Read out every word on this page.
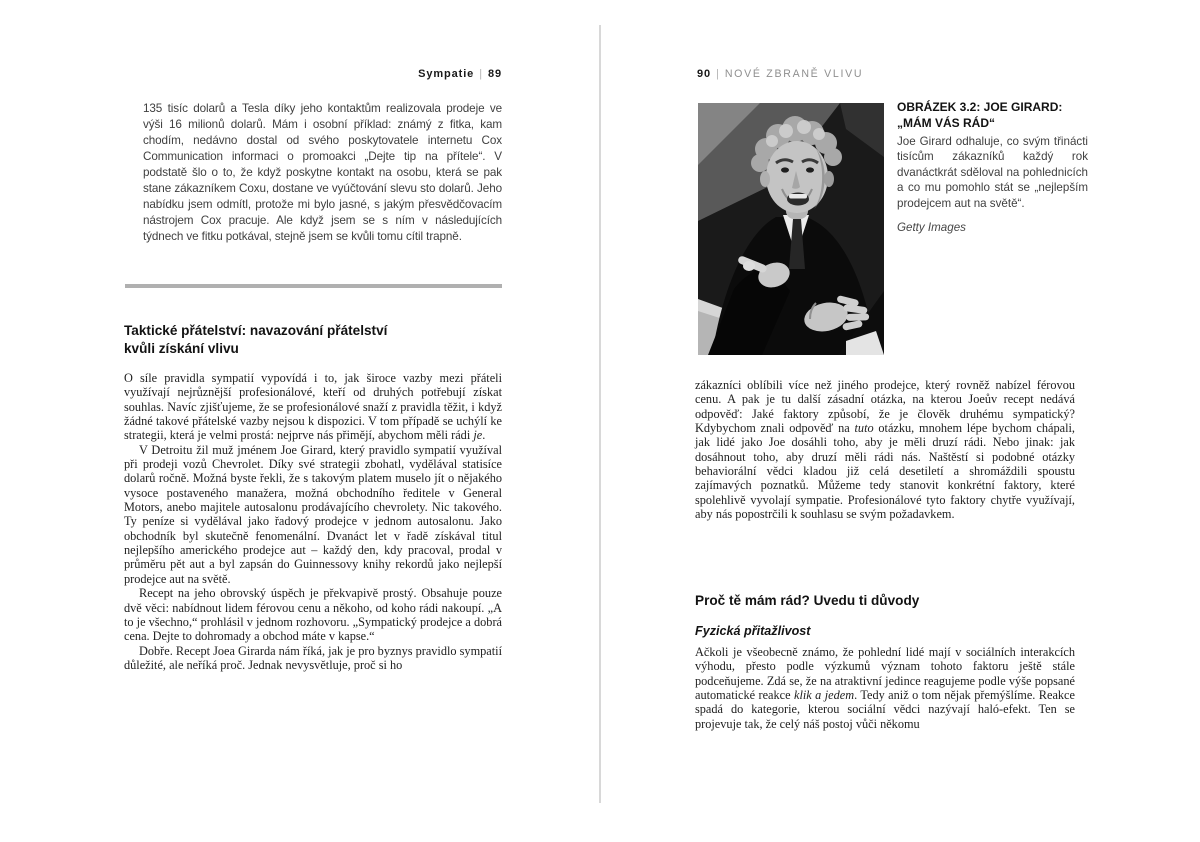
Sympatie | 89
135 tisíc dolarů a Tesla díky jeho kontaktům realizovala prodeje ve výši 16 milionů dolarů. Mám i osobní příklad: známý z fitka, kam chodím, nedávno dostal od svého poskytovatele internetu Cox Communication informaci o promoakci „Dejte tip na přítele“. V podstatě šlo o to, že když poskytne kontakt na osobu, která se pak stane zákazníkem Coxu, dostane ve vyúčtování slevu sto dolarů. Jeho nabídku jsem odmítl, protože mi bylo jasné, s jakým přesvědčovacím nástrojem Cox pracuje. Ale když jsem se s ním v následujících týdnech ve fitku potkával, stejně jsem se kvůli tomu cítil trapně.
Taktické přátelství: navazování přátelství
kvůli získání vlivu

O síle pravidla sympatií vypovídá i to, jak široce vazby mezi přáteli využívají nejrůznější profesionálové, kteří od druhých potřebují získat souhlas. Navíc zjišťujeme, že se profesionálové snaží z pravidla těžit, i když žádné takové přátelské vazby nejsou k dispozici. V tom případě se uchýlí ke strategii, která je velmi prostá: nejprve nás přimějí, abychom měli rádi je.

V Detroitu žil muž jménem Joe Girard, který pravidlo sympatií využíval při prodeji vozů Chevrolet. Díky své strategii zbohatl, vydělával statisíce dolarů ročně. Možná byste řekli, že s takovým platem muselo jít o nějakého vysoce postaveného manažera, možná obchodního ředitele v General Motors, anebo majitele autosalonu prodávajícího chevrolety. Nic takového. Ty peníze si vydělával jako řadový prodejce v jednom autosalonu. Jako obchodník byl skutečně fenomenální. Dvanáct let v řadě získával titul nejlepšího amerického prodejce aut – každý den, kdy pracoval, prodal v průměru pět aut a byl zapsán do Guinnessovy knihy rekordů jako nejlepší prodejce aut na světě.

Recept na jeho obrovský úspěch je překvapivě prostý. Obsahuje pouze dvě věci: nabídnout lidem férovou cenu a někoho, od koho rádi nakoupí. „A to je všechno,“ prohlásil v jednom rozhovoru. „Sympatický prodejce a dobrá cena. Dejte to dohromady a obchod máte v kapse.“

Dobře. Recept Joea Girarda nám říká, jak je pro byznys pravidlo sympatií důležité, ale neříká proč. Jednak nevysvětluje, proč si ho

90 | NOVÉ ZBRANĚ VLIVU
OBRÁZEK 3.2: JOE GIRARD:
„MÁM VÁS RÁD“
Joe Girard odhaluje, co svým třinácti tisícům zákazníků každý rok dvanáctkrát sděloval na pohlednicích a co mu pomohlo stát se „nejlepším prodejcem aut na světě“.
Getty Images

zákazníci oblíbili více než jiného prodejce, který rovněž nabízel férovou cenu. A pak je tu další zásadní otázka, na kterou Joeův recept nedává odpověď: Jaké faktory způsobí, že je člověk druhému sympatický? Kdybychom znali odpověď na tuto otázku, mnohem lépe bychom chápali, jak lidé jako Joe dosáhli toho, aby je měli druzí rádi. Nebo jinak: jak dosáhnout toho, aby druzí měli rádi nás. Naštěstí si podobné otázky behaviorální vědci kladou již celá desetiletí a shromáždili spoustu zajímavých poznatků. Můžeme tedy stanovit konkrétní faktory, které spolehlivě vyvolají sympatie. Profesionálové tyto faktory chytře využívají, aby nás popostrčili k souhlasu se svým požadavkem.

Proč tě mám rád? Uvedu ti důvody
Fyzická přitažlivost

Ačkoli je všeobecně známo, že pohlední lidé mají v sociálních interakcích výhodu, přesto podle výzkumů význam tohoto faktoru ještě stále podceňujeme. Zdá se, že na atraktivní jedince reagujeme podle výše popsané automatické reakce klik a jedem. Tedy aniž o tom nějak přemýšlíme. Reakce spadá do kategorie, kterou sociální vědci nazývají haló-efekt. Ten se projevuje tak, že celý náš postoj vůči někomu
